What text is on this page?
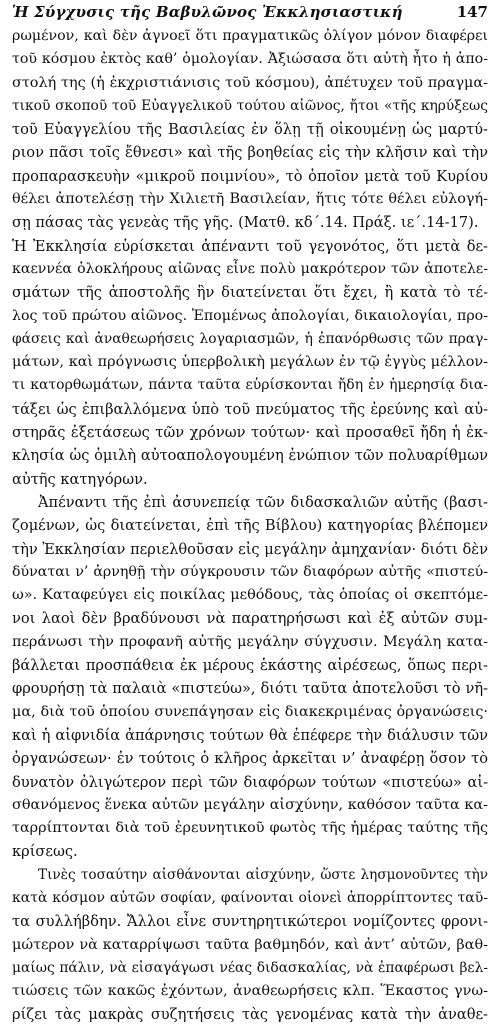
Ἡ Σύγχυσις τῆς Βαβυλῶνος Ἐκκλησιαστική	147
ρωμένον, καὶ δὲν ἀγνοεῖ ὅτι πραγματικῶς ὀλίγον μόνον διαφέρει
τοῦ κόσμου ἐκτὸς καθ’ ὁμολογίαν. Ἀξιώσασα ὅτι αὐτὴ ἦτο ἡ ἀπο-
στολή της (ἡ ἐκχριστιάνισις τοῦ κόσμου), ἀπέτυχεν τοῦ πραγμα-
τικοῦ σκοποῦ τοῦ Εὐαγγελικοῦ τούτου αἰῶνος, ἤτοι «τῆς κηρύξεως
τοῦ Εὐαγγελίου τῆς Βασιλείας ἐν ὅλῃ τῇ οἰκουμένῃ ὡς μαρτύ-
ριον πᾶσι τοῖς ἔθνεσι» καὶ τῆς βοηθείας εἰς τὴν κλῆσιν καὶ τὴν
προπαρασκευὴν «μικροῦ ποιμνίου», τὸ ὁποῖον μετὰ τοῦ Κυρίου
θέλει ἀποτελέσῃ τὴν Χιλιετῆ Βασιλείαν, ἥτις τότε θέλει εὐλογή-
σῃ πάσας τὰς γενεὰς τῆς γῆς. (Ματθ. κδ΄.14. Πράξ. ιε΄.14-17).
Ἡ Ἐκκλησία εὑρίσκεται ἀπέναντι τοῦ γεγονότος, ὅτι μετὰ δε-
καεννέα ὁλοκλήρους αἰῶνας εἶνε πολὺ μακρότερον τῶν ἀποτελε-
σμάτων τῆς ἀποστολῆς ἣν διατείνεται ὅτι ἔχει, ἢ κατὰ τὸ τέ-
λος τοῦ πρώτου αἰῶνος. Ἐπομένως ἀπολογίαι, δικαιολογίαι, προ-
φάσεις καὶ ἀναθεωρήσεις λογαριασμῶν, ἡ ἐπανόρθωσις τῶν πραγ-
μάτων, καὶ πρόγνωσις ὑπερβολικὴ μεγάλων ἐν τῷ ἐγγὺς μέλλον-
τι κατορθωμάτων, πάντα ταῦτα εὑρίσκονται ἤδη ἐν ἡμερησίᾳ δια-
τάξει ὡς ἐπιβαλλόμενα ὑπὸ τοῦ πνεύματος τῆς ἐρεύνης καὶ αὐ-
στηρᾶς ἐξετάσεως τῶν χρόνων τούτων· καὶ προσαθεῖ ἤδη ἡ ἐκ-
κλησία ὡς ὁμιλὴ αὐτοαπολογουμένη ἐνώπιον τῶν πολυαρίθμων
αὐτῆς κατηγόρων.
Ἀπέναντι τῆς ἐπὶ ἀσυνεπείᾳ τῶν διδασκαλιῶν αὐτῆς (βασι-
ζομένων, ὡς διατείνεται, ἐπὶ τῆς Βίβλου) κατηγορίας βλέπομεν
τὴν Ἐκκλησίαν περιελθοῦσαν εἰς μεγάλην ἀμηχανίαν· διότι δὲν
δύναται ν’ ἀρνηθῇ τὴν σύγκρουσιν τῶν διαφόρων αὐτῆς «πιστεύ-
ω». Καταφεύγει εἰς ποικίλας μεθόδους, τὰς ὁποίας οἱ σκεπτόμε-
νοι λαοὶ δὲν βραδύνουσι νὰ παρατηρήσωσι καὶ ἐξ αὐτῶν συμ-
περάνωσι τὴν προφανῆ αὐτῆς μεγάλην σύγχυσιν. Μεγάλη κατα-
βάλλεται προσπάθεια ἐκ μέρους ἑκάστης αἱρέσεως, ὅπως περι-
φρουρήσῃ τὰ παλαιὰ «πιστεύω», διότι ταῦτα ἀποτελοῦσι τὸ νῆ-
μα, διὰ τοῦ ὁποίου συνεπάγησαν εἰς διακεκριμένας ὀργανώσεις·
καὶ ἡ αἰφνιδία ἀπάρνησις τούτων θὰ ἐπέφερε τὴν διάλυσιν τῶν
ὀργανώσεων· ἐν τούτοις ὁ κλῆρος ἀρκεῖται ν’ ἀναφέρῃ ὅσον τὸ
δυνατὸν ὀλιγώτερον περὶ τῶν διαφόρων τούτων «πιστεύω» αἰ-
σθανόμενος ἕνεκα αὐτῶν μεγάλην αἰσχύνην, καθόσον ταῦτα κα-
ταρρίπτονται διὰ τοῦ ἐρευνητικοῦ φωτὸς τῆς ἡμέρας ταύτης τῆς
κρίσεως.
Τινὲς τοσαύτην αἰσθάνονται αἰσχύνην, ὥστε λησμονοῦντες τὴν
κατὰ κόσμον αὐτῶν σοφίαν, φαίνονται οἱονεὶ ἀπορρίπτοντες ταῦ-
τα συλλήβδην. Ἄλλοι εἶνε συντηρητικώτεροι νομίζοντες φρονι-
μώτερον νὰ καταρρίψωσι ταῦτα βαθμηδόν, καὶ ἀντ’ αὐτῶν, βαθ-
μαίως πάλιν, νὰ εἰσαγάγωσι νέας διδασκαλίας, νὰ ἐπαφέρωσι βελ-
τιώσεις τῶν κακῶς ἐχόντων, ἀναθεωρήσεις κλπ. Ἕκαστος γνω-
ρίζει τὰς μακρὰς συζητήσεις τὰς γενομένας κατὰ τὴν ἀναθε-
